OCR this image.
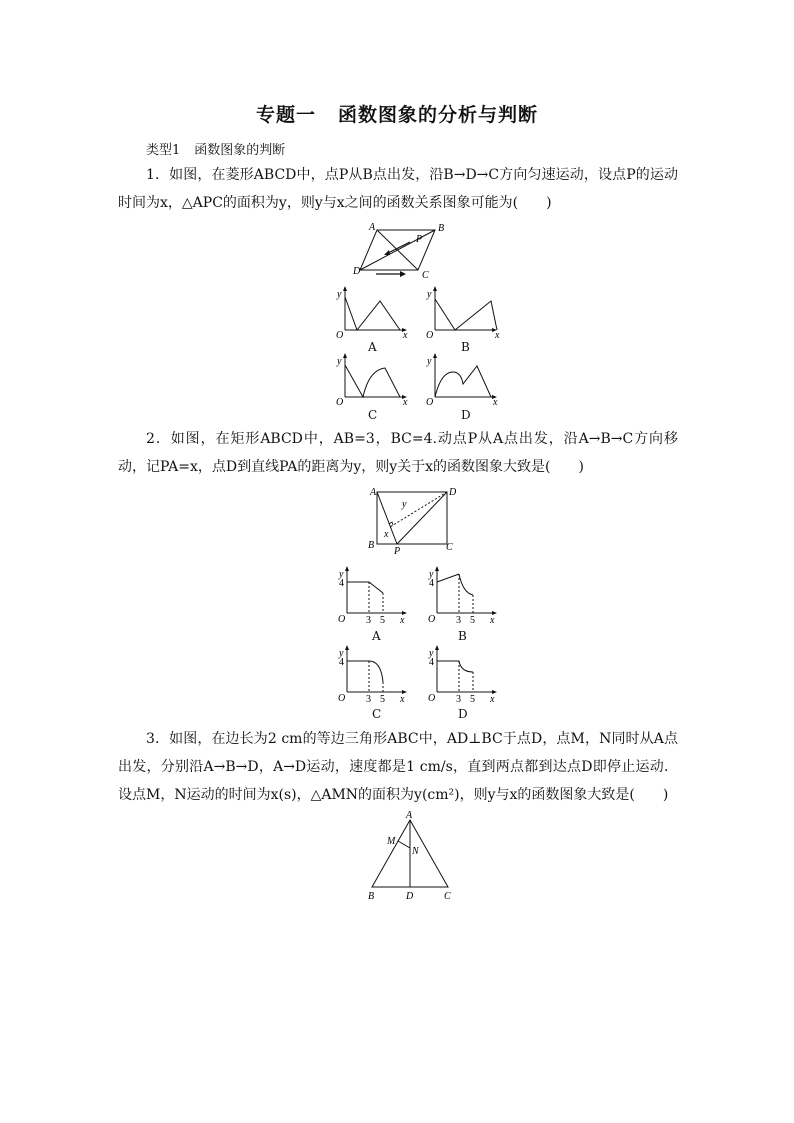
专题一 函数图象的分析与判断
类型1 函数图象的判断
1．如图，在菱形ABCD中，点P从B点出发，沿B→D→C方向匀速运动，设点P的运动时间为x，△APC的面积为y，则y与x之间的函数关系图象可能为(　　)
2．如图，在矩形ABCD中，AB=3，BC=4.动点P从A点出发，沿A→B→C方向移动，记PA=x，点D到直线PA的距离为y，则y关于x的函数图象大致是(　　)
3．如图，在边长为2 cm的等边三角形ABC中，AD⊥BC于点D，点M，N同时从A点出发，分别沿A→B→D，A→D运动，速度都是1 cm/s，直到两点都到达点D即停止运动．设点M，N运动的时间为x(s)，△AMN的面积为y(cm²)，则y与x的函数图象大致是(　　)
A	B
D	C
P
y
O	x
A
y
O	x
B
y
O	x
C
y
O	x
D
A	D
B	C
P
y
x
y
4
O 3 5 x
A
y
4
O 3 5 x
B
y
4
O 3 5 x
C
y
4
O 3 5 x
D
A
M
N
B	D	C
